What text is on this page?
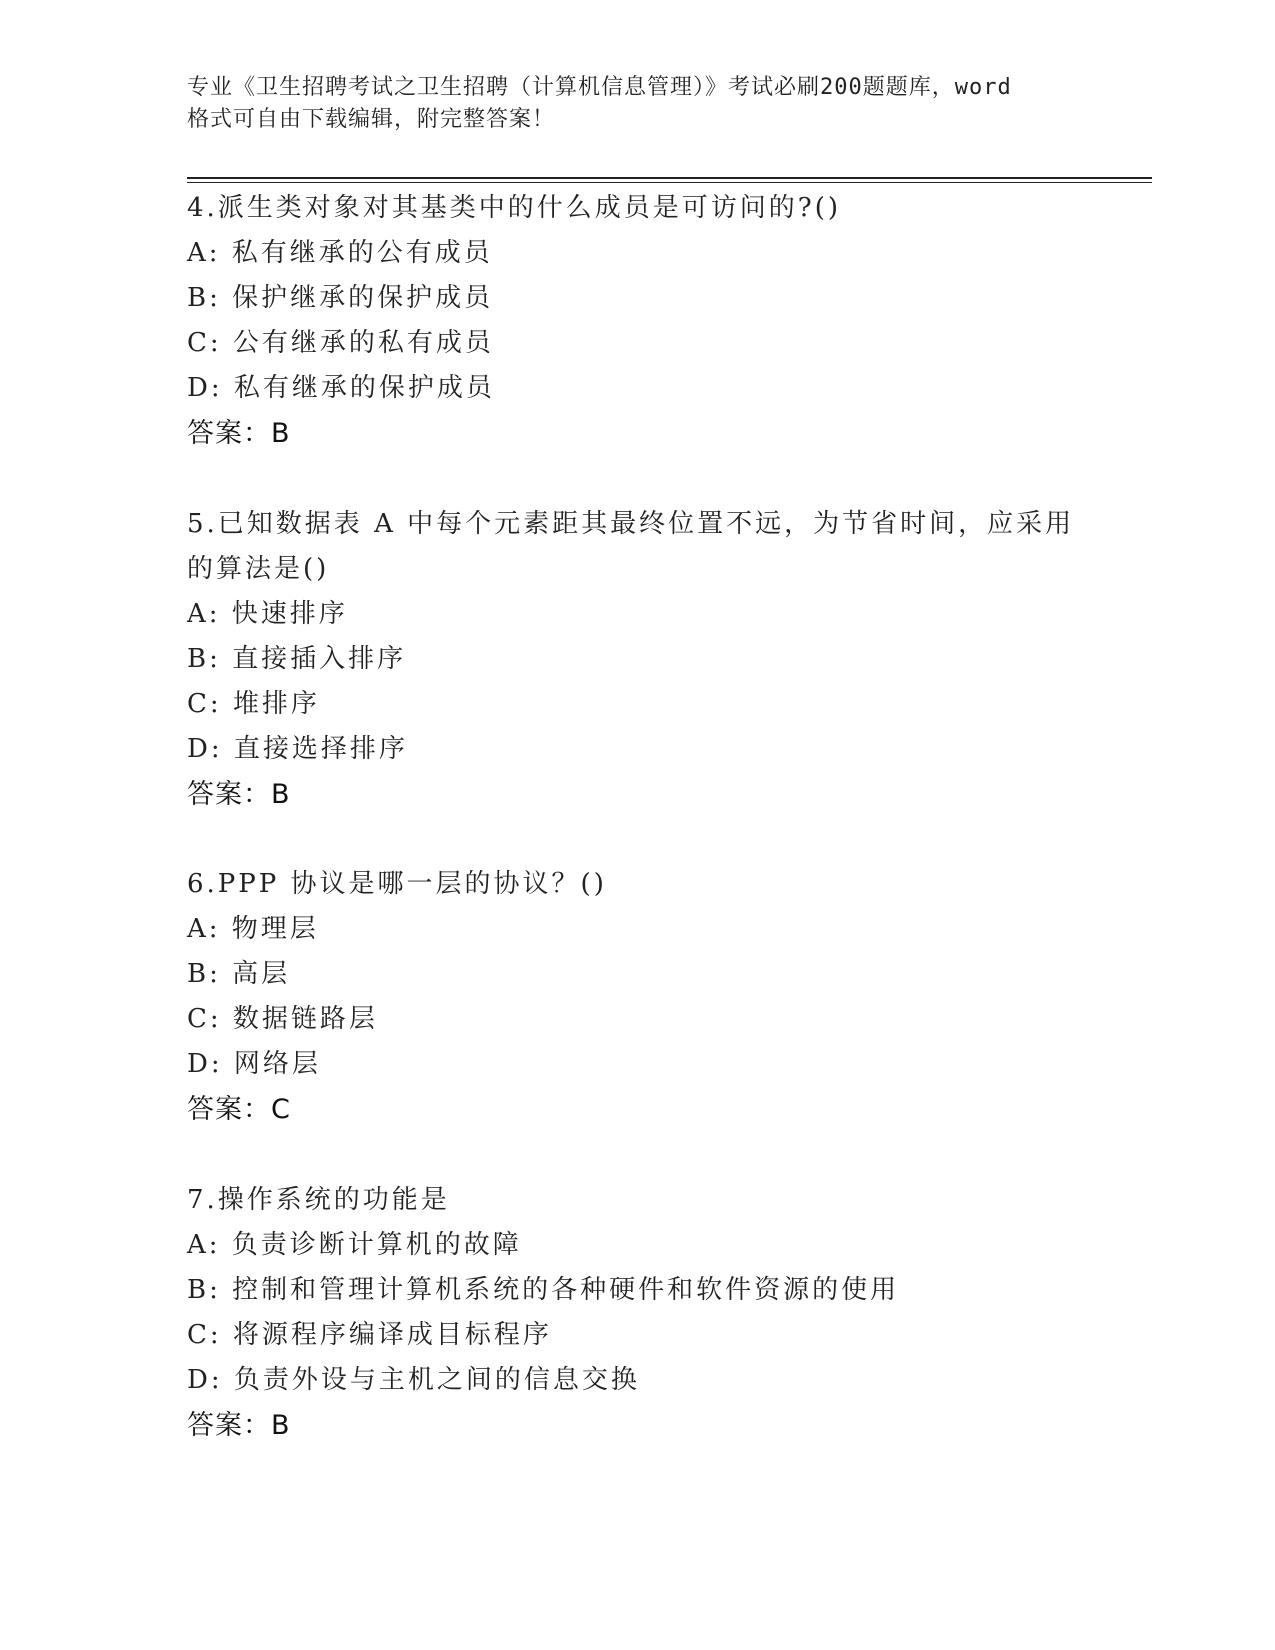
专业《卫生招聘考试之卫生招聘（计算机信息管理）》考试必刷200题题库，word
格式可自由下载编辑，附完整答案！
4.派生类对象对其基类中的什么成员是可访问的?()
A: 私有继承的公有成员
B: 保护继承的保护成员
C: 公有继承的私有成员
D: 私有继承的保护成员
答案：B
5.已知数据表 A 中每个元素距其最终位置不远，为节省时间，应采用
的算法是()
A: 快速排序
B: 直接插入排序
C: 堆排序
D: 直接选择排序
答案：B
6.PPP 协议是哪一层的协议？()
A: 物理层
B: 高层
C: 数据链路层
D: 网络层
答案：C
7.操作系统的功能是
A: 负责诊断计算机的故障
B: 控制和管理计算机系统的各种硬件和软件资源的使用
C: 将源程序编译成目标程序
D: 负责外设与主机之间的信息交换
答案：B
